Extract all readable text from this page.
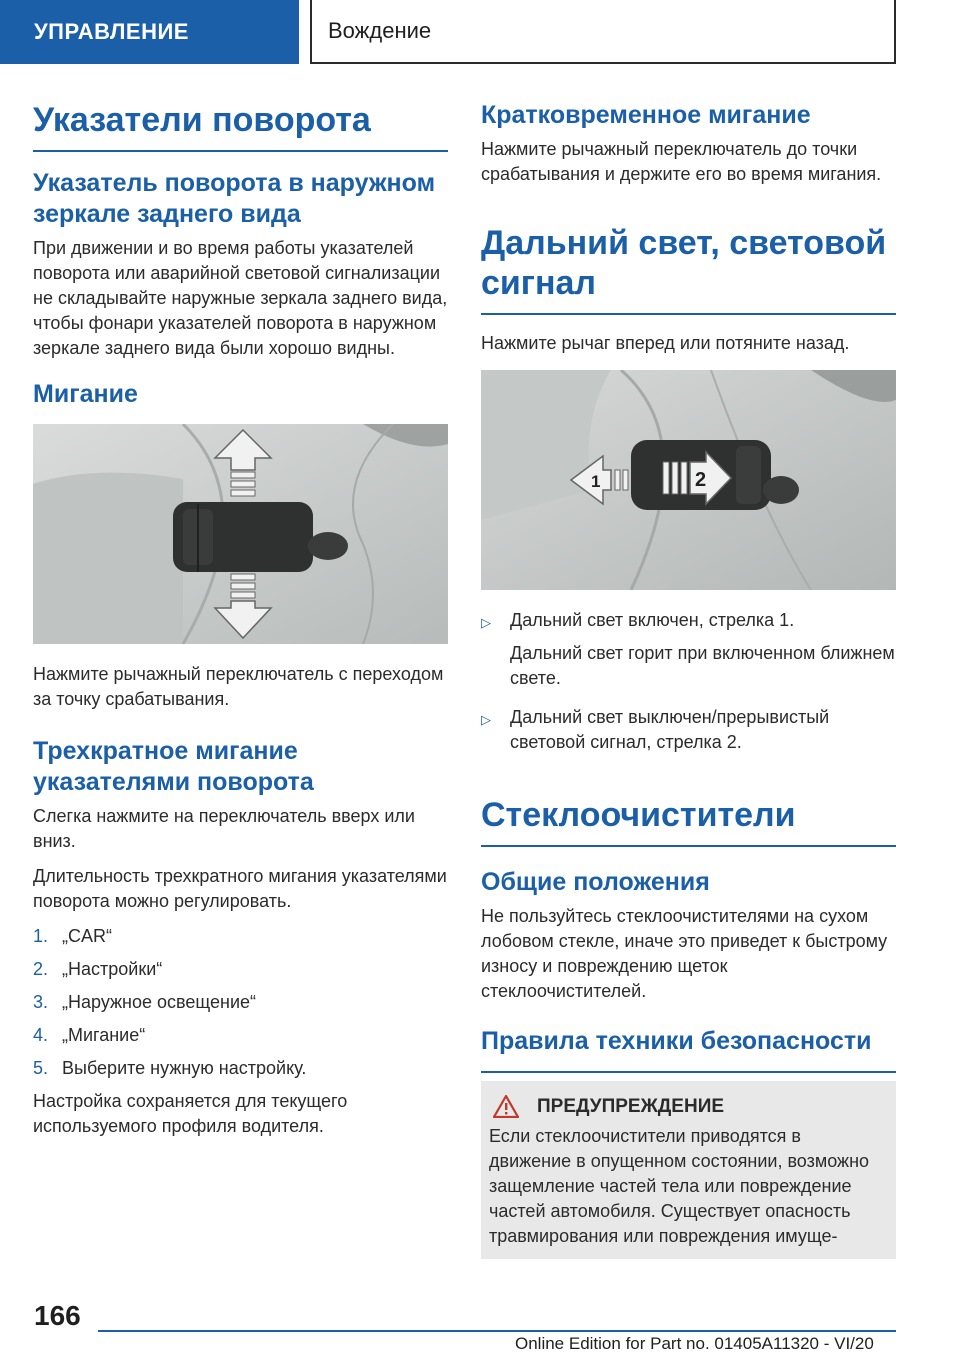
УПРАВЛЕНИЕ	Вождение
Указатели поворота
Указатель поворота в наружном зеркале заднего вида

При движении и во время работы указателей поворота или аварийной световой сигнализации не складывайте наружные зеркала заднего вида, чтобы фонари указателей поворота в наружном зеркале заднего вида были хорошо видны.

Мигание

Нажмите рычажный переключатель с переходом за точку срабатывания.

Трехкратное мигание указателями поворота

Слегка нажмите на переключатель вверх или вниз.

Длительность трехкратного мигания указателями поворота можно регулировать.

1. „CAR“
2. „Настройки“
3. „Наружное освещение“
4. „Мигание“
5. Выберите нужную настройку.

Настройка сохраняется для текущего используемого профиля водителя.

Кратковременное мигание

Нажмите рычажный переключатель до точки срабатывания и держите его во время мигания.

Дальний свет, световой сигнал

Нажмите рычаг вперед или потяните назад.

1	2
▷	Дальний свет включен, стрелка 1.
Дальний свет горит при включенном ближнем свете.
▷	Дальний свет выключен/прерывистый световой сигнал, стрелка 2.
Стеклоочистители
Общие положения

Не пользуйтесь стеклоочистителями на сухом лобовом стекле, иначе это приведет к быстрому износу и повреждению щеток стеклоочистителей.

Правила техники безопасности
ПРЕДУПРЕЖДЕНИЕ

Если стеклоочистители приводятся в движение в опущенном состоянии, возможно защемление частей тела или повреждение частей автомобиля. Существует опасность травмирования или повреждения имуще-

166
Online Edition for Part no. 01405A11320 - VI/20
